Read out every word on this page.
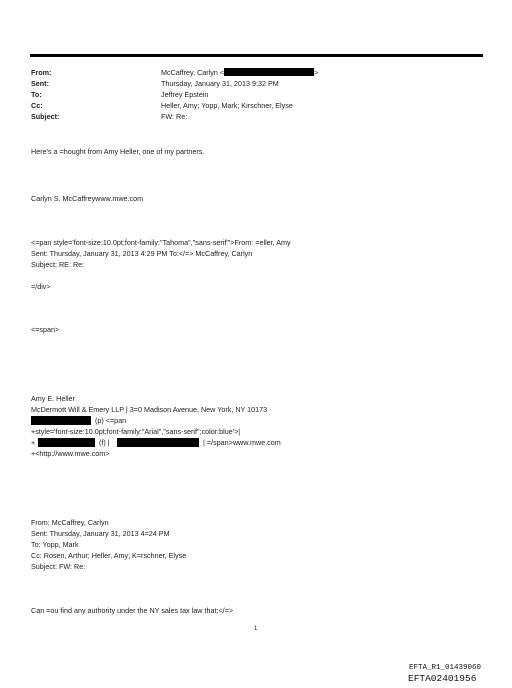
From:	McCaffrey, Carlyn <	>
Sent:	Thursday, January 31, 2013 9:32 PM
To:	Jeffrey Epstein
Cc:	Heller, Amy; Yopp, Mark; Kirschner, Elyse
Subject:	FW: Re:
Here's a =hought from Amy Heller, one of my partners.
Carlyn S. McCaffreywww.mwe.com
<=pan style='font-size:10.0pt;font-family:"Tahoma","sans-serif"'>From: =eller, Amy
Sent: Thursday, January 31, 2013 4:29 PM To:</=> McCaffrey, Carlyn
Subject: RE: Re:
=/div>
<=span>
Amy E. Heller
McDermott Will & Emery LLP | 3=0 Madison Avenue, New York, NY 10173
(p) <=pan
+style='font-size:10.0pt;font-family:"Arial","sans-serif";color:blue'>|
+	(f) |	| =/span>www.mwe.com
+<http://www.mwe.com>
From: McCaffrey, Carlyn
Sent: Thursday, January 31, 2013 4=24 PM
To: Yopp, Mark
Cc: Rosen, Arthur; Heller, Amy; K=rschner, Elyse
Subject: FW: Re:
Can =ou find any authority under the NY sales tax law that;</=>
1
EFTA_R1_01439060
EFTA02401956
